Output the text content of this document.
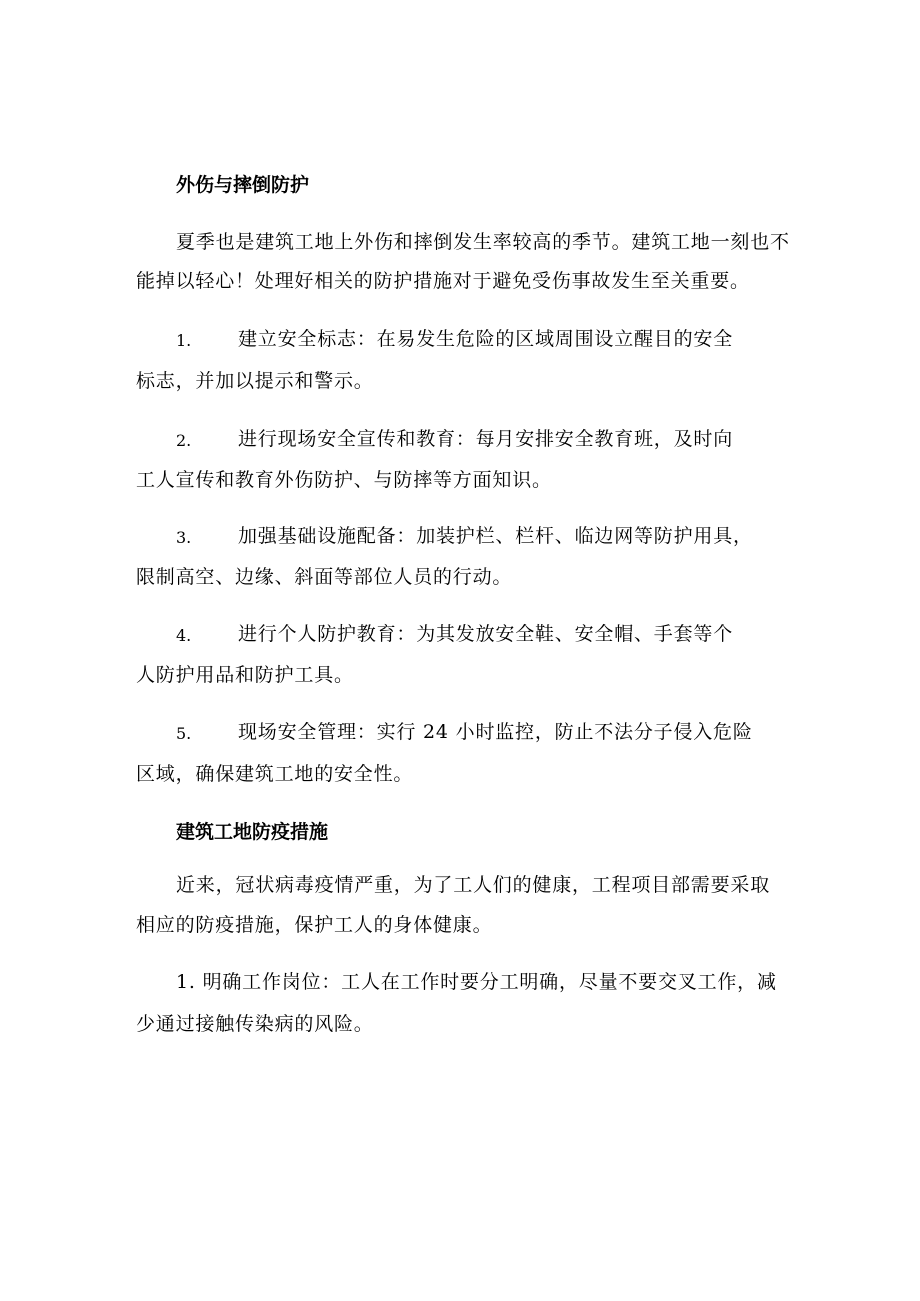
外伤与摔倒防护
夏季也是建筑工地上外伤和摔倒发生率较高的季节。建筑工地一刻也不
能掉以轻心！处理好相关的防护措施对于避免受伤事故发生至关重要。
1. 建立安全标志：在易发生危险的区域周围设立醒目的安全
标志，并加以提示和警示。
2. 进行现场安全宣传和教育：每月安排安全教育班，及时向
工人宣传和教育外伤防护、与防摔等方面知识。
3. 加强基础设施配备：加装护栏、栏杆、临边网等防护用具，
限制高空、边缘、斜面等部位人员的行动。
4. 进行个人防护教育：为其发放安全鞋、安全帽、手套等个
人防护用品和防护工具。
5. 现场安全管理：实行 24 小时监控，防止不法分子侵入危险
区域，确保建筑工地的安全性。
建筑工地防疫措施
近来，冠状病毒疫情严重，为了工人们的健康，工程项目部需要采取
相应的防疫措施，保护工人的身体健康。
1. 明确工作岗位：工人在工作时要分工明确，尽量不要交叉工作，减
少通过接触传染病的风险。
